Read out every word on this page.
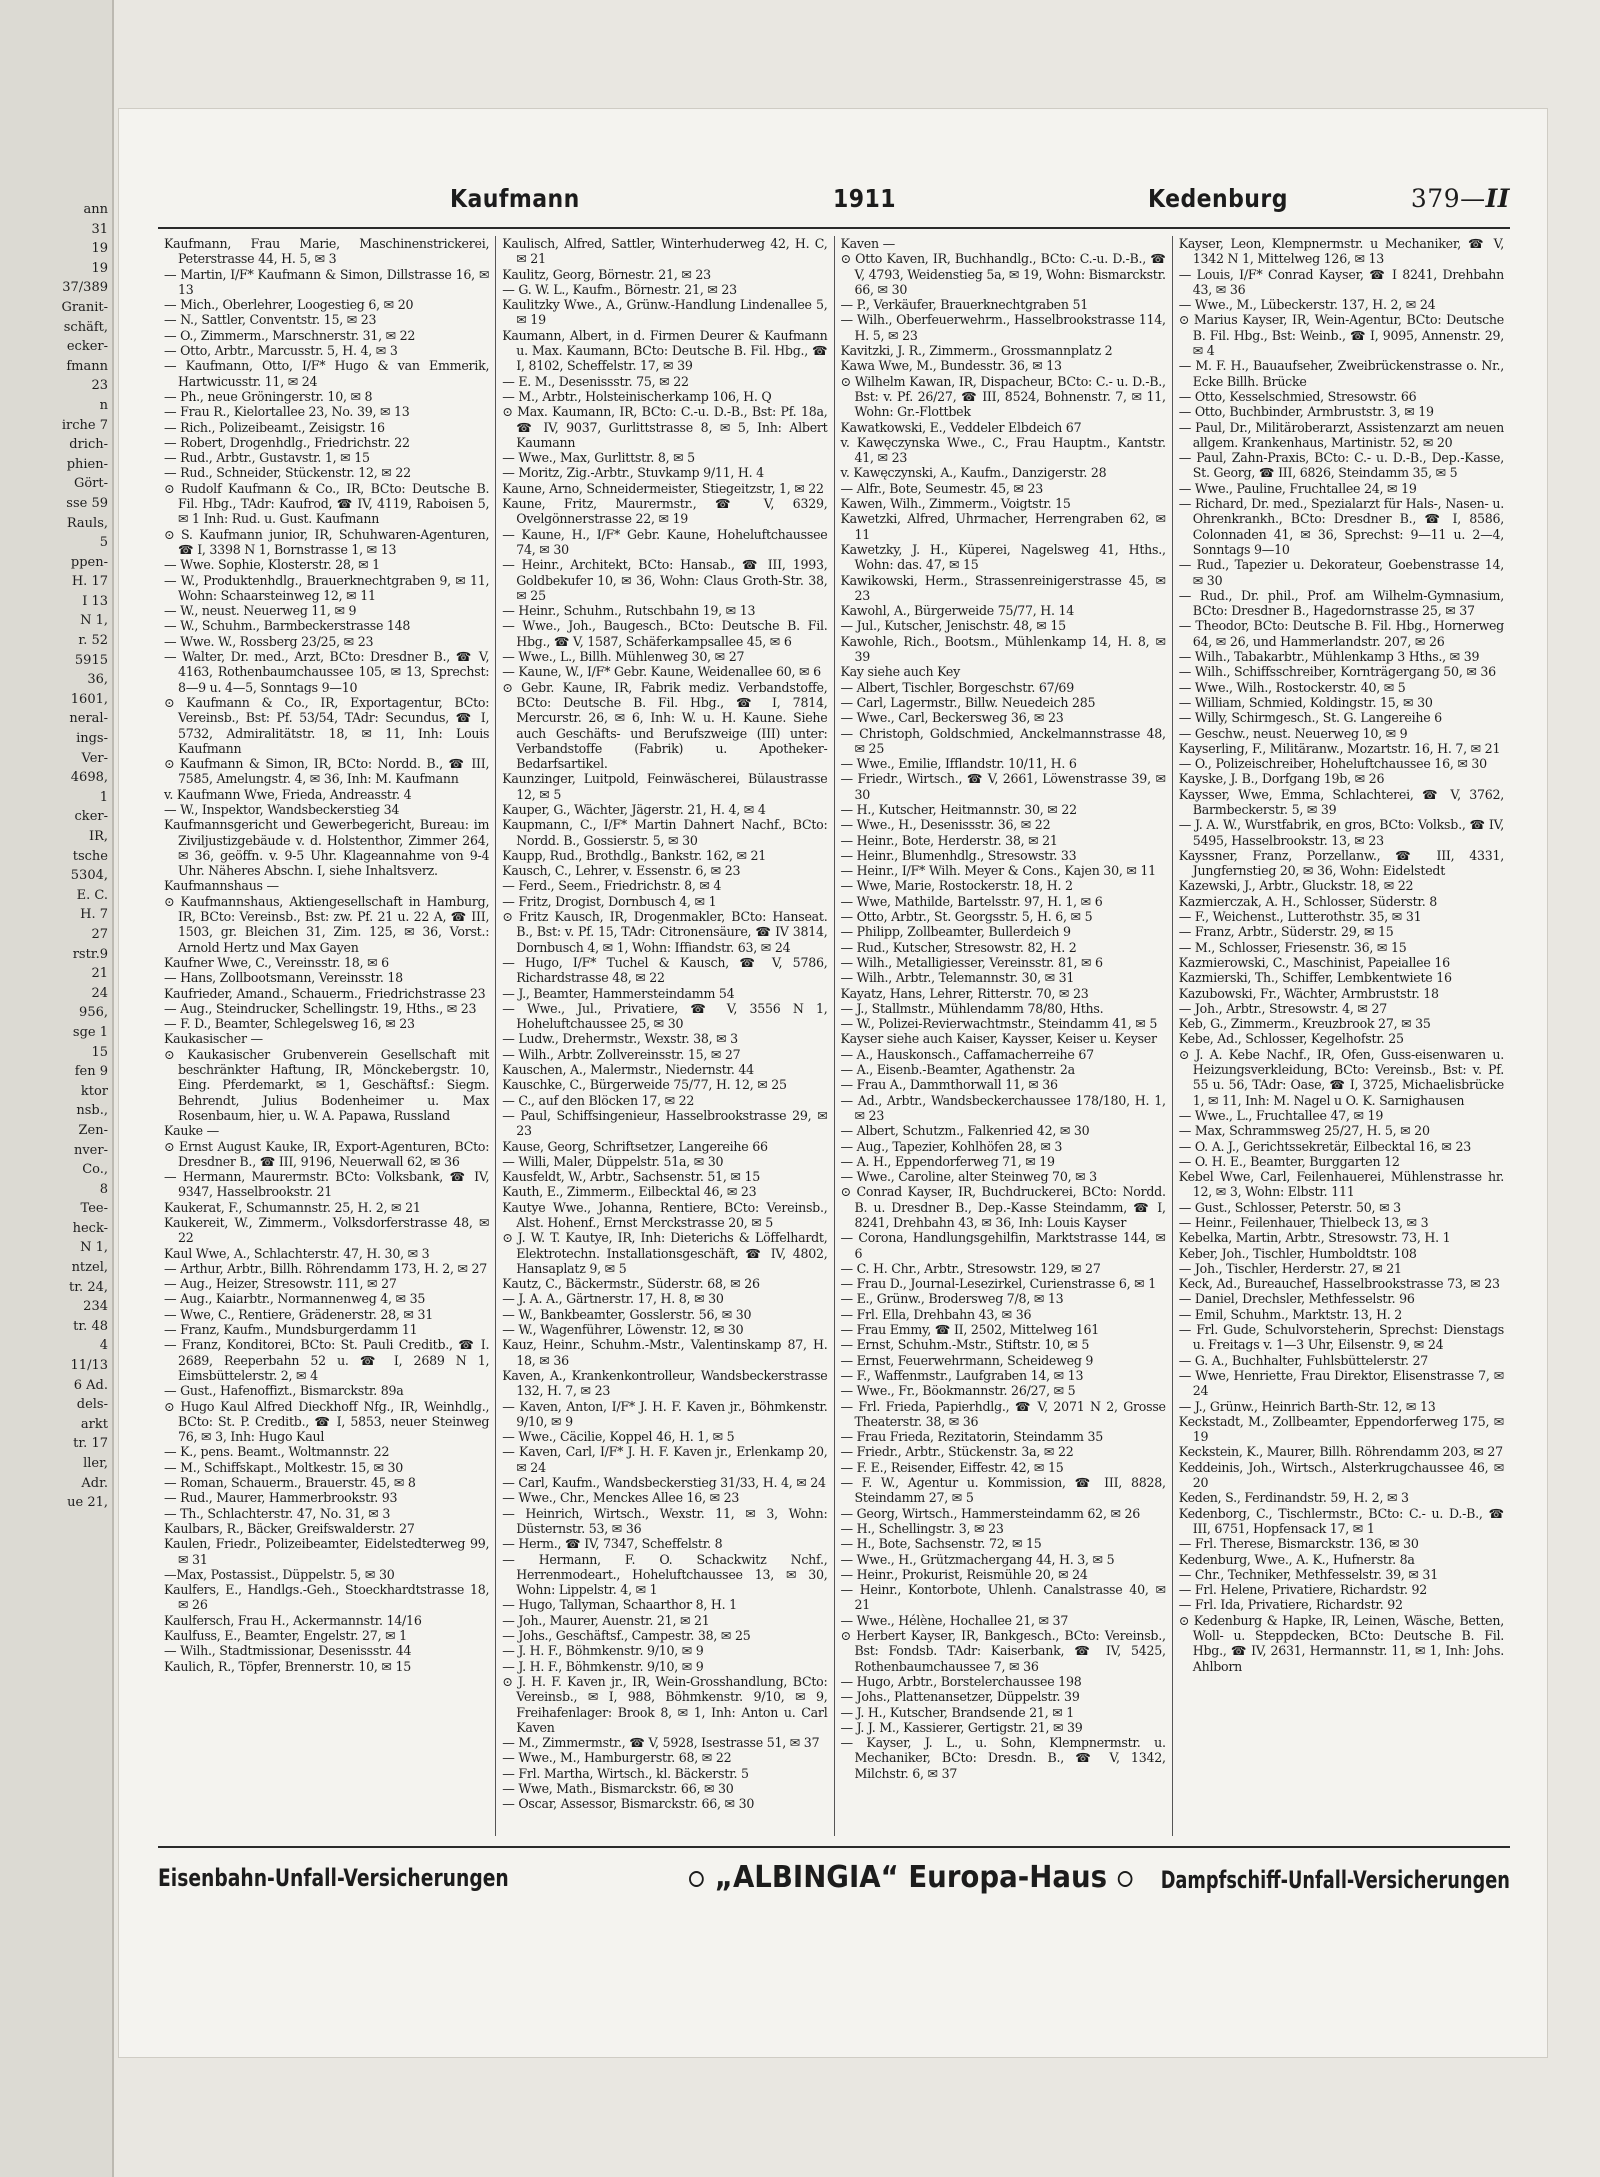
ann
31
19
19
37/389
Granit-
schäft,
ecker-
fmann
23
n
irche 7
drich-
phien-
Gört-
sse 59
Rauls,
5
ppen-
H. 17
I 13
N 1,
r. 52
5915
36,
1601,
neral-
ings-
Ver-
4698,
1
cker-
IR,
tsche
5304,
E. C.
H. 7
27
rstr.9
21
24
956,
sge 1
15
fen 9
ktor
nsb.,
Zen-
nver-
Co.,
8
Tee-
heck-
N 1,
ntzel,
tr. 24,
234
tr. 48
4
11/13
6 Ad.
dels-
arkt
tr. 17
ller,
Adr.
ue 21,
Kaufmann	1911	Kedenburg	379—II

Kaufmann, Frau Marie, Maschinenstrickerei, Peterstrasse 44, H. 5, ✉ 3

— Martin, I/F* Kaufmann & Simon, Dillstrasse 16, ✉ 13

— Mich., Oberlehrer, Loogestieg 6, ✉ 20

— N., Sattler, Conventstr. 15, ✉ 23

— O., Zimmerm., Marschnerstr. 31, ✉ 22

— Otto, Arbtr., Marcusstr. 5, H. 4, ✉ 3

— Kaufmann, Otto, I/F* Hugo & van Emmerik, Hartwicusstr. 11, ✉ 24

— Ph., neue Gröningerstr. 10, ✉ 8

— Frau R., Kielortallee 23, No. 39, ✉ 13

— Rich., Polizeibeamt., Zeisigstr. 16

— Robert, Drogenhdlg., Friedrichstr. 22

— Rud., Arbtr., Gustavstr. 1, ✉ 15

— Rud., Schneider, Stückenstr. 12, ✉ 22

⊙ Rudolf Kaufmann & Co., IR, BCto: Deutsche B. Fil. Hbg., TAdr: Kaufrod, ☎ IV, 4119, Raboisen 5, ✉ 1 Inh: Rud. u. Gust. Kaufmann

⊙ S. Kaufmann junior, IR, Schuhwaren-Agenturen, ☎ I, 3398 N 1, Bornstrasse 1, ✉ 13

— Wwe. Sophie, Klosterstr. 28, ✉ 1

— W., Produktenhdlg., Brauerknechtgraben 9, ✉ 11, Wohn: Schaarsteinweg 12, ✉ 11

— W., neust. Neuerweg 11, ✉ 9

— W., Schuhm., Barmbeckerstrasse 148

— Wwe. W., Rossberg 23/25, ✉ 23

— Walter, Dr. med., Arzt, BCto: Dresdner B., ☎ V, 4163, Rothenbaumchaussee 105, ✉ 13, Sprechst: 8—9 u. 4—5, Sonntags 9—10

⊙ Kaufmann & Co., IR, Exportagentur, BCto: Vereinsb., Bst: Pf. 53/54, TAdr: Secundus, ☎ I, 5732, Admiralitätstr. 18, ✉ 11, Inh: Louis Kaufmann

⊙ Kaufmann & Simon, IR, BCto: Nordd. B., ☎ III, 7585, Amelungstr. 4, ✉ 36, Inh: M. Kaufmann

v. Kaufmann Wwe, Frieda, Andreasstr. 4

— W., Inspektor, Wandsbeckerstieg 34

Kaufmannsgericht und Gewerbegericht, Bureau: im Ziviljustizgebäude v. d. Holstenthor, Zimmer 264, ✉ 36, geöffn. v. 9-5 Uhr. Klageannahme von 9-4 Uhr. Näheres Abschn. I, siehe Inhaltsverz.

Kaufmannshaus —

⊙ Kaufmannshaus, Aktiengesellschaft in Hamburg, IR, BCto: Vereinsb., Bst: zw. Pf. 21 u. 22 A, ☎ III, 1503, gr. Bleichen 31, Zim. 125, ✉ 36, Vorst.: Arnold Hertz und Max Gayen

Kaufner Wwe, C., Vereinsstr. 18, ✉ 6

— Hans, Zollbootsmann, Vereinsstr. 18

Kaufrieder, Amand., Schauerm., Friedrichstrasse 23

— Aug., Steindrucker, Schellingstr. 19, Hths., ✉ 23

— F. D., Beamter, Schlegelsweg 16, ✉ 23

Kaukasischer —

⊙ Kaukasischer Grubenverein Gesellschaft mit beschränkter Haftung, IR, Mönckebergstr. 10, Eing. Pferdemarkt, ✉ 1, Geschäftsf.: Siegm. Behrendt, Julius Bodenheimer u. Max Rosenbaum, hier, u. W. A. Papawa, Russland

Kauke —

⊙ Ernst August Kauke, IR, Export-Agenturen, BCto: Dresdner B., ☎ III, 9196, Neuerwall 62, ✉ 36

— Hermann, Maurermstr. BCto: Volksbank, ☎ IV, 9347, Hasselbrookstr. 21

Kaukerat, F., Schumannstr. 25, H. 2, ✉ 21

Kaukereit, W., Zimmerm., Volksdorferstrasse 48, ✉ 22

Kaul Wwe, A., Schlachterstr. 47, H. 30, ✉ 3

— Arthur, Arbtr., Billh. Röhrendamm 173, H. 2, ✉ 27

— Aug., Heizer, Stresowstr. 111, ✉ 27

— Aug., Kaiarbtr., Normannenweg 4, ✉ 35

— Wwe, C., Rentiere, Grädenerstr. 28, ✉ 31

— Franz, Kaufm., Mundsburgerdamm 11

— Franz, Konditorei, BCto: St. Pauli Creditb., ☎ I. 2689, Reeperbahn 52 u. ☎ I, 2689 N 1, Eimsbüttelerstr. 2, ✉ 4

— Gust., Hafenoffizt., Bismarckstr. 89a

⊙ Hugo Kaul Alfred Dieckhoff Nfg., IR, Weinhdlg., BCto: St. P. Creditb., ☎ I, 5853, neuer Steinweg 76, ✉ 3, Inh: Hugo Kaul

— K., pens. Beamt., Woltmannstr. 22

— M., Schiffskapt., Moltkestr. 15, ✉ 30

— Roman, Schauerm., Brauerstr. 45, ✉ 8

— Rud., Maurer, Hammerbrookstr. 93

— Th., Schlachterstr. 47, No. 31, ✉ 3

Kaulbars, R., Bäcker, Greifswalderstr. 27

Kaulen, Friedr., Polizeibeamter, Eidelstedterweg 99, ✉ 31

—Max, Postassist., Düppelstr. 5, ✉ 30

Kaulfers, E., Handlgs.-Geh., Stoeckhardtstrasse 18, ✉ 26

Kaulfersch, Frau H., Ackermannstr. 14/16

Kaulfuss, E., Beamter, Engelstr. 27, ✉ 1

— Wilh., Stadtmissionar, Desenissstr. 44

Kaulich, R., Töpfer, Brennerstr. 10, ✉ 15

Kaulisch, Alfred, Sattler, Winterhuderweg 42, H. C, ✉ 21

Kaulitz, Georg, Börnestr. 21, ✉ 23

— G. W. L., Kaufm., Börnestr. 21, ✉ 23

Kaulitzky Wwe., A., Grünw.-Handlung Lindenallee 5, ✉ 19

Kaumann, Albert, in d. Firmen Deurer & Kaufmann u. Max. Kaumann, BCto: Deutsche B. Fil. Hbg., ☎ I, 8102, Scheffelstr. 17, ✉ 39

— E. M., Desenissstr. 75, ✉ 22

— M., Arbtr., Holsteinischerkamp 106, H. Q

⊙ Max. Kaumann, IR, BCto: C.-u. D.-B., Bst: Pf. 18a, ☎ IV, 9037, Gurlittstrasse 8, ✉ 5, Inh: Albert Kaumann

— Wwe., Max, Gurlittstr. 8, ✉ 5

— Moritz, Zig.-Arbtr., Stuvkamp 9/11, H. 4

Kaune, Arno, Schneidermeister, Stiegeitzstr, 1, ✉ 22

Kaune, Fritz, Maurermstr., ☎ V, 6329, Ovelgönnerstrasse 22, ✉ 19

— Kaune, H., I/F* Gebr. Kaune, Hoheluftchaussee 74, ✉ 30

— Heinr., Architekt, BCto: Hansab., ☎ III, 1993, Goldbekufer 10, ✉ 36, Wohn: Claus Groth-Str. 38, ✉ 25

— Heinr., Schuhm., Rutschbahn 19, ✉ 13

— Wwe., Joh., Baugesch., BCto: Deutsche B. Fil. Hbg., ☎ V, 1587, Schäferkampsallee 45, ✉ 6

— Wwe., L., Billh. Mühlenweg 30, ✉ 27

— Kaune, W., I/F* Gebr. Kaune, Weidenallee 60, ✉ 6

⊙ Gebr. Kaune, IR, Fabrik mediz. Verbandstoffe, BCto: Deutsche B. Fil. Hbg., ☎ I, 7814, Mercurstr. 26, ✉ 6, Inh: W. u. H. Kaune. Siehe auch Geschäfts- und Berufszweige (III) unter: Verbandstoffe (Fabrik) u. Apotheker-Bedarfsartikel.

Kaunzinger, Luitpold, Feinwäscherei, Bülaustrasse 12, ✉ 5

Kauper, G., Wächter, Jägerstr. 21, H. 4, ✉ 4

Kaupmann, C., I/F* Martin Dahnert Nachf., BCto: Nordd. B., Gossierstr. 5, ✉ 30

Kaupp, Rud., Brothdlg., Bankstr. 162, ✉ 21

Kausch, C., Lehrer, v. Essenstr. 6, ✉ 23

— Ferd., Seem., Friedrichstr. 8, ✉ 4

— Fritz, Drogist, Dornbusch 4, ✉ 1

⊙ Fritz Kausch, IR, Drogenmakler, BCto: Hanseat. B., Bst: v. Pf. 15, TAdr: Citronensäure, ☎ IV 3814, Dornbusch 4, ✉ 1, Wohn: Iffiandstr. 63, ✉ 24

— Hugo, I/F* Tuchel & Kausch, ☎ V, 5786, Richardstrasse 48, ✉ 22

— J., Beamter, Hammersteindamm 54

— Wwe., Jul., Privatiere, ☎ V, 3556 N 1, Hoheluftchaussee 25, ✉ 30

— Ludw., Drehermstr., Wexstr. 38, ✉ 3

— Wilh., Arbtr. Zollvereinsstr. 15, ✉ 27

Kauschen, A., Malermstr., Niedernstr. 44

Kauschke, C., Bürgerweide 75/77, H. 12, ✉ 25

— C., auf den Blöcken 17, ✉ 22

— Paul, Schiffsingenieur, Hasselbrookstrasse 29, ✉ 23

Kause, Georg, Schriftsetzer, Langereihe 66

— Willi, Maler, Düppelstr. 51a, ✉ 30

Kausfeldt, W., Arbtr., Sachsenstr. 51, ✉ 15

Kauth, E., Zimmerm., Eilbecktal 46, ✉ 23

Kautye Wwe., Johanna, Rentiere, BCto: Vereinsb., Alst. Hohenf., Ernst Merckstrasse 20, ✉ 5

⊙ J. W. T. Kautye, IR, Inh: Dieterichs & Löffelhardt, Elektrotechn. Installationsgeschäft, ☎ IV, 4802, Hansaplatz 9, ✉ 5

Kautz, C., Bäckermstr., Süderstr. 68, ✉ 26

— J. A. A., Gärtnerstr. 17, H. 8, ✉ 30

— W., Bankbeamter, Gosslerstr. 56, ✉ 30

— W., Wagenführer, Löwenstr. 12, ✉ 30

Kauz, Heinr., Schuhm.-Mstr., Valentinskamp 87, H. 18, ✉ 36

Kaven, A., Krankenkontrolleur, Wandsbeckerstrasse 132, H. 7, ✉ 23

— Kaven, Anton, I/F* J. H. F. Kaven jr., Böhmkenstr. 9/10, ✉ 9

— Wwe., Cäcilie, Koppel 46, H. 1, ✉ 5

— Kaven, Carl, I/F* J. H. F. Kaven jr., Erlenkamp 20, ✉ 24

— Carl, Kaufm., Wandsbeckerstieg 31/33, H. 4, ✉ 24

— Wwe., Chr., Menckes Allee 16, ✉ 23

— Heinrich, Wirtsch., Wexstr. 11, ✉ 3, Wohn: Düsternstr. 53, ✉ 36

— Herm., ☎ IV, 7347, Scheffelstr. 8

— Hermann, F. O. Schackwitz Nchf., Herrenmodeart., Hoheluftchaussee 13, ✉ 30, Wohn: Lippelstr. 4, ✉ 1

— Hugo, Tallyman, Schaarthor 8, H. 1

— Joh., Maurer, Auenstr. 21, ✉ 21

— Johs., Geschäftsf., Campestr. 38, ✉ 25

— J. H. F., Böhmkenstr. 9/10, ✉ 9

— J. H. F., Böhmkenstr. 9/10, ✉ 9

⊙ J. H. F. Kaven jr., IR, Wein-Grosshandlung, BCto: Vereinsb., ✉ I, 988, Böhmkenstr. 9/10, ✉ 9, Freihafenlager: Brook 8, ✉ 1, Inh: Anton u. Carl Kaven

— M., Zimmermstr., ☎ V, 5928, Isestrasse 51, ✉ 37

— Wwe., M., Hamburgerstr. 68, ✉ 22

— Frl. Martha, Wirtsch., kl. Bäckerstr. 5

— Wwe, Math., Bismarckstr. 66, ✉ 30

— Oscar, Assessor, Bismarckstr. 66, ✉ 30

Kaven —

⊙ Otto Kaven, IR, Buchhandlg., BCto: C.-u. D.-B., ☎ V, 4793, Weidenstieg 5a, ✉ 19, Wohn: Bismarckstr. 66, ✉ 30

— P., Verkäufer, Brauerknechtgraben 51

— Wilh., Oberfeuerwehrm., Hasselbrookstrasse 114, H. 5, ✉ 23

Kavitzki, J. R., Zimmerm., Grossmannplatz 2

Kawa Wwe, M., Bundesstr. 36, ✉ 13

⊙ Wilhelm Kawan, IR, Dispacheur, BCto: C.- u. D.-B., Bst: v. Pf. 26/27, ☎ III, 8524, Bohnenstr. 7, ✉ 11, Wohn: Gr.-Flottbek

Kawatkowski, E., Veddeler Elbdeich 67

v. Kawęczynska Wwe., C., Frau Hauptm., Kantstr. 41, ✉ 23

v. Kawęczynski, A., Kaufm., Danzigerstr. 28

— Alfr., Bote, Seumestr. 45, ✉ 23

Kawen, Wilh., Zimmerm., Voigtstr. 15

Kawetzki, Alfred, Uhrmacher, Herrengraben 62, ✉ 11

Kawetzky, J. H., Küperei, Nagelsweg 41, Hths., Wohn: das. 47, ✉ 15

Kawikowski, Herm., Strassenreinigerstrasse 45, ✉ 23

Kawohl, A., Bürgerweide 75/77, H. 14

— Jul., Kutscher, Jenischstr. 48, ✉ 15

Kawohle, Rich., Bootsm., Mühlenkamp 14, H. 8, ✉ 39

Kay siehe auch Key

— Albert, Tischler, Borgeschstr. 67/69

— Carl, Lagermstr., Billw. Neuedeich 285

— Wwe., Carl, Beckersweg 36, ✉ 23

— Christoph, Goldschmied, Anckelmannstrasse 48, ✉ 25

— Wwe., Emilie, Ifflandstr. 10/11, H. 6

— Friedr., Wirtsch., ☎ V, 2661, Löwenstrasse 39, ✉ 30

— H., Kutscher, Heitmannstr. 30, ✉ 22

— Wwe., H., Desenissstr. 36, ✉ 22

— Heinr., Bote, Herderstr. 38, ✉ 21

— Heinr., Blumenhdlg., Stresowstr. 33

— Heinr., I/F* Wilh. Meyer & Cons., Kajen 30, ✉ 11

— Wwe, Marie, Rostockerstr. 18, H. 2

— Wwe, Mathilde, Bartelsstr. 97, H. 1, ✉ 6

— Otto, Arbtr., St. Georgsstr. 5, H. 6, ✉ 5

— Philipp, Zollbeamter, Bullerdeich 9

— Rud., Kutscher, Stresowstr. 82, H. 2

— Wilh., Metalligiesser, Vereinsstr. 81, ✉ 6

— Wilh., Arbtr., Telemannstr. 30, ✉ 31

Kayatz, Hans, Lehrer, Ritterstr. 70, ✉ 23

— J., Stallmstr., Mühlendamm 78/80, Hths.

— W., Polizei-Revierwachtmstr., Steindamm 41, ✉ 5

Kayser siehe auch Kaiser, Kaysser, Keiser u. Keyser

— A., Hauskonsch., Caffamacherreihe 67

— A., Eisenb.-Beamter, Agathenstr. 2a

— Frau A., Dammthorwall 11, ✉ 36

— Ad., Arbtr., Wandsbeckerchaussee 178/180, H. 1, ✉ 23

— Albert, Schutzm., Falkenried 42, ✉ 30

— Aug., Tapezier, Kohlhöfen 28, ✉ 3

— A. H., Eppendorferweg 71, ✉ 19

— Wwe., Caroline, alter Steinweg 70, ✉ 3

⊙ Conrad Kayser, IR, Buchdruckerei, BCto: Nordd. B. u. Dresdner B., Dep.-Kasse Steindamm, ☎ I, 8241, Drehbahn 43, ✉ 36, Inh: Louis Kayser

— Corona, Handlungsgehilfin, Marktstrasse 144, ✉ 6

— C. H. Chr., Arbtr., Stresowstr. 129, ✉ 27

— Frau D., Journal-Lesezirkel, Curienstrasse 6, ✉ 1

— E., Grünw., Brodersweg 7/8, ✉ 13

— Frl. Ella, Drehbahn 43, ✉ 36

— Frau Emmy, ☎ II, 2502, Mittelweg 161

— Ernst, Schuhm.-Mstr., Stiftstr. 10, ✉ 5

— Ernst, Feuerwehrmann, Scheideweg 9

— F., Waffenmstr., Laufgraben 14, ✉ 13

— Wwe., Fr., Böokmannstr. 26/27, ✉ 5

— Frl. Frieda, Papierhdlg., ☎ V, 2071 N 2, Grosse Theaterstr. 38, ✉ 36

— Frau Frieda, Rezitatorin, Steindamm 35

— Friedr., Arbtr., Stückenstr. 3a, ✉ 22

— F. E., Reisender, Eiffestr. 42, ✉ 15

— F. W., Agentur u. Kommission, ☎ III, 8828, Steindamm 27, ✉ 5

— Georg, Wirtsch., Hammersteindamm 62, ✉ 26

— H., Schellingstr. 3, ✉ 23

— H., Bote, Sachsenstr. 72, ✉ 15

— Wwe., H., Grützmachergang 44, H. 3, ✉ 5

— Heinr., Prokurist, Reismühle 20, ✉ 24

— Heinr., Kontorbote, Uhlenh. Canalstrasse 40, ✉ 21

— Wwe., Hélène, Hochallee 21, ✉ 37

⊙ Herbert Kayser, IR, Bankgesch., BCto: Vereinsb., Bst: Fondsb. TAdr: Kaiserbank, ☎ IV, 5425, Rothenbaumchaussee 7, ✉ 36

— Hugo, Arbtr., Borstelerchaussee 198

— Johs., Plattenansetzer, Düppelstr. 39

— J. H., Kutscher, Brandsende 21, ✉ 1

— J. J. M., Kassierer, Gertigstr. 21, ✉ 39

— Kayser, J. L., u. Sohn, Klempnermstr. u. Mechaniker, BCto: Dresdn. B., ☎ V, 1342, Milchstr. 6, ✉ 37

Kayser, Leon, Klempnermstr. u Mechaniker, ☎ V, 1342 N 1, Mittelweg 126, ✉ 13

— Louis, I/F* Conrad Kayser, ☎ I 8241, Drehbahn 43, ✉ 36

— Wwe., M., Lübeckerstr. 137, H. 2, ✉ 24

⊙ Marius Kayser, IR, Wein-Agentur, BCto: Deutsche B. Fil. Hbg., Bst: Weinb., ☎ I, 9095, Annenstr. 29, ✉ 4

— M. F. H., Bauaufseher, Zweibrückenstrasse o. Nr., Ecke Billh. Brücke

— Otto, Kesselschmied, Stresowstr. 66

— Otto, Buchbinder, Armbruststr. 3, ✉ 19

— Paul, Dr., Militäroberarzt, Assistenzarzt am neuen allgem. Krankenhaus, Martinistr. 52, ✉ 20

— Paul, Zahn-Praxis, BCto: C.- u. D.-B., Dep.-Kasse, St. Georg, ☎ III, 6826, Steindamm 35, ✉ 5

— Wwe., Pauline, Fruchtallee 24, ✉ 19

— Richard, Dr. med., Spezialarzt für Hals-, Nasen- u. Ohrenkrankh., BCto: Dresdner B., ☎ I, 8586, Colonnaden 41, ✉ 36, Sprechst: 9—11 u. 2—4, Sonntags 9—10

— Rud., Tapezier u. Dekorateur, Goebenstrasse 14, ✉ 30

— Rud., Dr. phil., Prof. am Wilhelm-Gymnasium, BCto: Dresdner B., Hagedornstrasse 25, ✉ 37

— Theodor, BCto: Deutsche B. Fil. Hbg., Hornerweg 64, ✉ 26, und Hammerlandstr. 207, ✉ 26

— Wilh., Tabakarbtr., Mühlenkamp 3 Hths., ✉ 39

— Wilh., Schiffsschreiber, Kornträgergang 50, ✉ 36

— Wwe., Wilh., Rostockerstr. 40, ✉ 5

— William, Schmied, Koldingstr. 15, ✉ 30

— Willy, Schirmgesch., St. G. Langereihe 6

— Geschw., neust. Neuerweg 10, ✉ 9

Kayserling, F., Militäranw., Mozartstr. 16, H. 7, ✉ 21

— O., Polizeischreiber, Hoheluftchaussee 16, ✉ 30

Kayske, J. B., Dorfgang 19b, ✉ 26

Kaysser, Wwe, Emma, Schlachterei, ☎ V, 3762, Barmbeckerstr. 5, ✉ 39

— J. A. W., Wurstfabrik, en gros, BCto: Volksb., ☎ IV, 5495, Hasselbrookstr. 13, ✉ 23

Kayssner, Franz, Porzellanw., ☎ III, 4331, Jungfernstieg 20, ✉ 36, Wohn: Eidelstedt

Kazewski, J., Arbtr., Gluckstr. 18, ✉ 22

Kazmierczak, A. H., Schlosser, Süderstr. 8

— F., Weichenst., Lutterothstr. 35, ✉ 31

— Franz, Arbtr., Süderstr. 29, ✉ 15

— M., Schlosser, Friesenstr. 36, ✉ 15

Kazmierowski, C., Maschinist, Papeiallee 16

Kazmierski, Th., Schiffer, Lembkentwiete 16

Kazubowski, Fr., Wächter, Armbruststr. 18

— Joh., Arbtr., Stresowstr. 4, ✉ 27

Keb, G., Zimmerm., Kreuzbrook 27, ✉ 35

Kebe, Ad., Schlosser, Kegelhofstr. 25

⊙ J. A. Kebe Nachf., IR, Ofen, Guss-eisenwaren u. Heizungsverkleidung, BCto: Vereinsb., Bst: v. Pf. 55 u. 56, TAdr: Oase, ☎ I, 3725, Michaelisbrücke 1, ✉ 11, Inh: M. Nagel u O. K. Sarnighausen

— Wwe., L., Fruchtallee 47, ✉ 19

— Max, Schrammsweg 25/27, H. 5, ✉ 20

— O. A. J., Gerichtssekretär, Eilbecktal 16, ✉ 23

— O. H. E., Beamter, Burggarten 12

Kebel Wwe, Carl, Feilenhauerei, Mühlenstrasse hr. 12, ✉ 3, Wohn: Elbstr. 111

— Gust., Schlosser, Peterstr. 50, ✉ 3

— Heinr., Feilenhauer, Thielbeck 13, ✉ 3

Kebelka, Martin, Arbtr., Stresowstr. 73, H. 1

Keber, Joh., Tischler, Humboldtstr. 108

— Joh., Tischler, Herderstr. 27, ✉ 21

Keck, Ad., Bureauchef, Hasselbrookstrasse 73, ✉ 23

— Daniel, Drechsler, Methfesselstr. 96

— Emil, Schuhm., Marktstr. 13, H. 2

— Frl. Gude, Schulvorsteherin, Sprechst: Dienstags u. Freitags v. 1—3 Uhr, Eilsenstr. 9, ✉ 24

— G. A., Buchhalter, Fuhlsbüttelerstr. 27

— Wwe, Henriette, Frau Direktor, Elisenstrasse 7, ✉ 24

— J., Grünw., Heinrich Barth-Str. 12, ✉ 13

Keckstadt, M., Zollbeamter, Eppendorferweg 175, ✉ 19

Keckstein, K., Maurer, Billh. Röhrendamm 203, ✉ 27

Keddeinis, Joh., Wirtsch., Alsterkrugchaussee 46, ✉ 20

Keden, S., Ferdinandstr. 59, H. 2, ✉ 3

Kedenborg, C., Tischlermstr., BCto: C.- u. D.-B., ☎ III, 6751, Hopfensack 17, ✉ 1

— Frl. Therese, Bismarckstr. 136, ✉ 30

Kedenburg, Wwe., A. K., Hufnerstr. 8a

— Chr., Techniker, Methfesselstr. 39, ✉ 31

— Frl. Helene, Privatiere, Richardstr. 92

— Frl. Ida, Privatiere, Richardstr. 92

⊙ Kedenburg & Hapke, IR, Leinen, Wäsche, Betten, Woll- u. Steppdecken, BCto: Deutsche B. Fil. Hbg., ☎ IV, 2631, Hermannstr. 11, ✉ 1, Inh: Johs. Ahlborn

Eisenbahn-Unfall-Versicherungen	„ALBINGIA“ Europa-Haus	Dampfschiff-Unfall-Versicherungen
